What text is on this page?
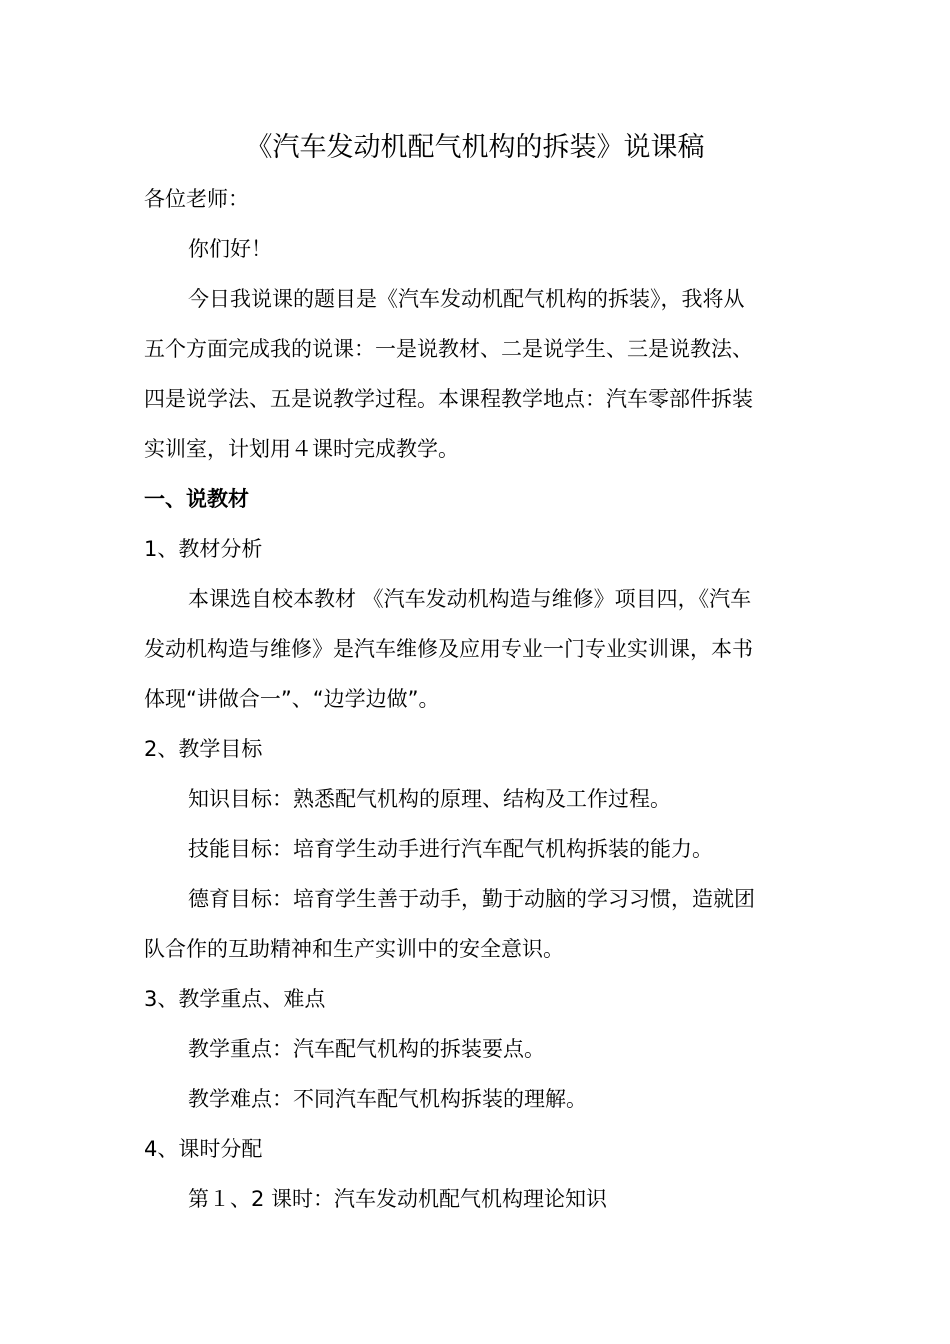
《汽车发动机配气机构的拆装》说课稿
各位老师：
你们好！
今日我说课的题目是《汽车发动机配气机构的拆装》，我将从
五个方面完成我的说课：一是说教材、二是说学生、三是说教法、
四是说学法、五是说教学过程。本课程教学地点：汽车零部件拆装
实训室，计划用４课时完成教学。
一、说教材
1、教材分析
本课选自校本教材 《汽车发动机构造与维修》项目四，《汽车
发动机构造与维修》是汽车维修及应用专业一门专业实训课，本书
体现“讲做合一”、“边学边做”。
2、教学目标
知识目标：熟悉配气机构的原理、结构及工作过程。
技能目标：培育学生动手进行汽车配气机构拆装的能力。
德育目标：培育学生善于动手，勤于动脑的学习习惯，造就团
队合作的互助精神和生产实训中的安全意识。
3、教学重点、难点
教学重点：汽车配气机构的拆装要点。
教学难点：不同汽车配气机构拆装的理解。
4、课时分配
第１、2 课时：汽车发动机配气机构理论知识
